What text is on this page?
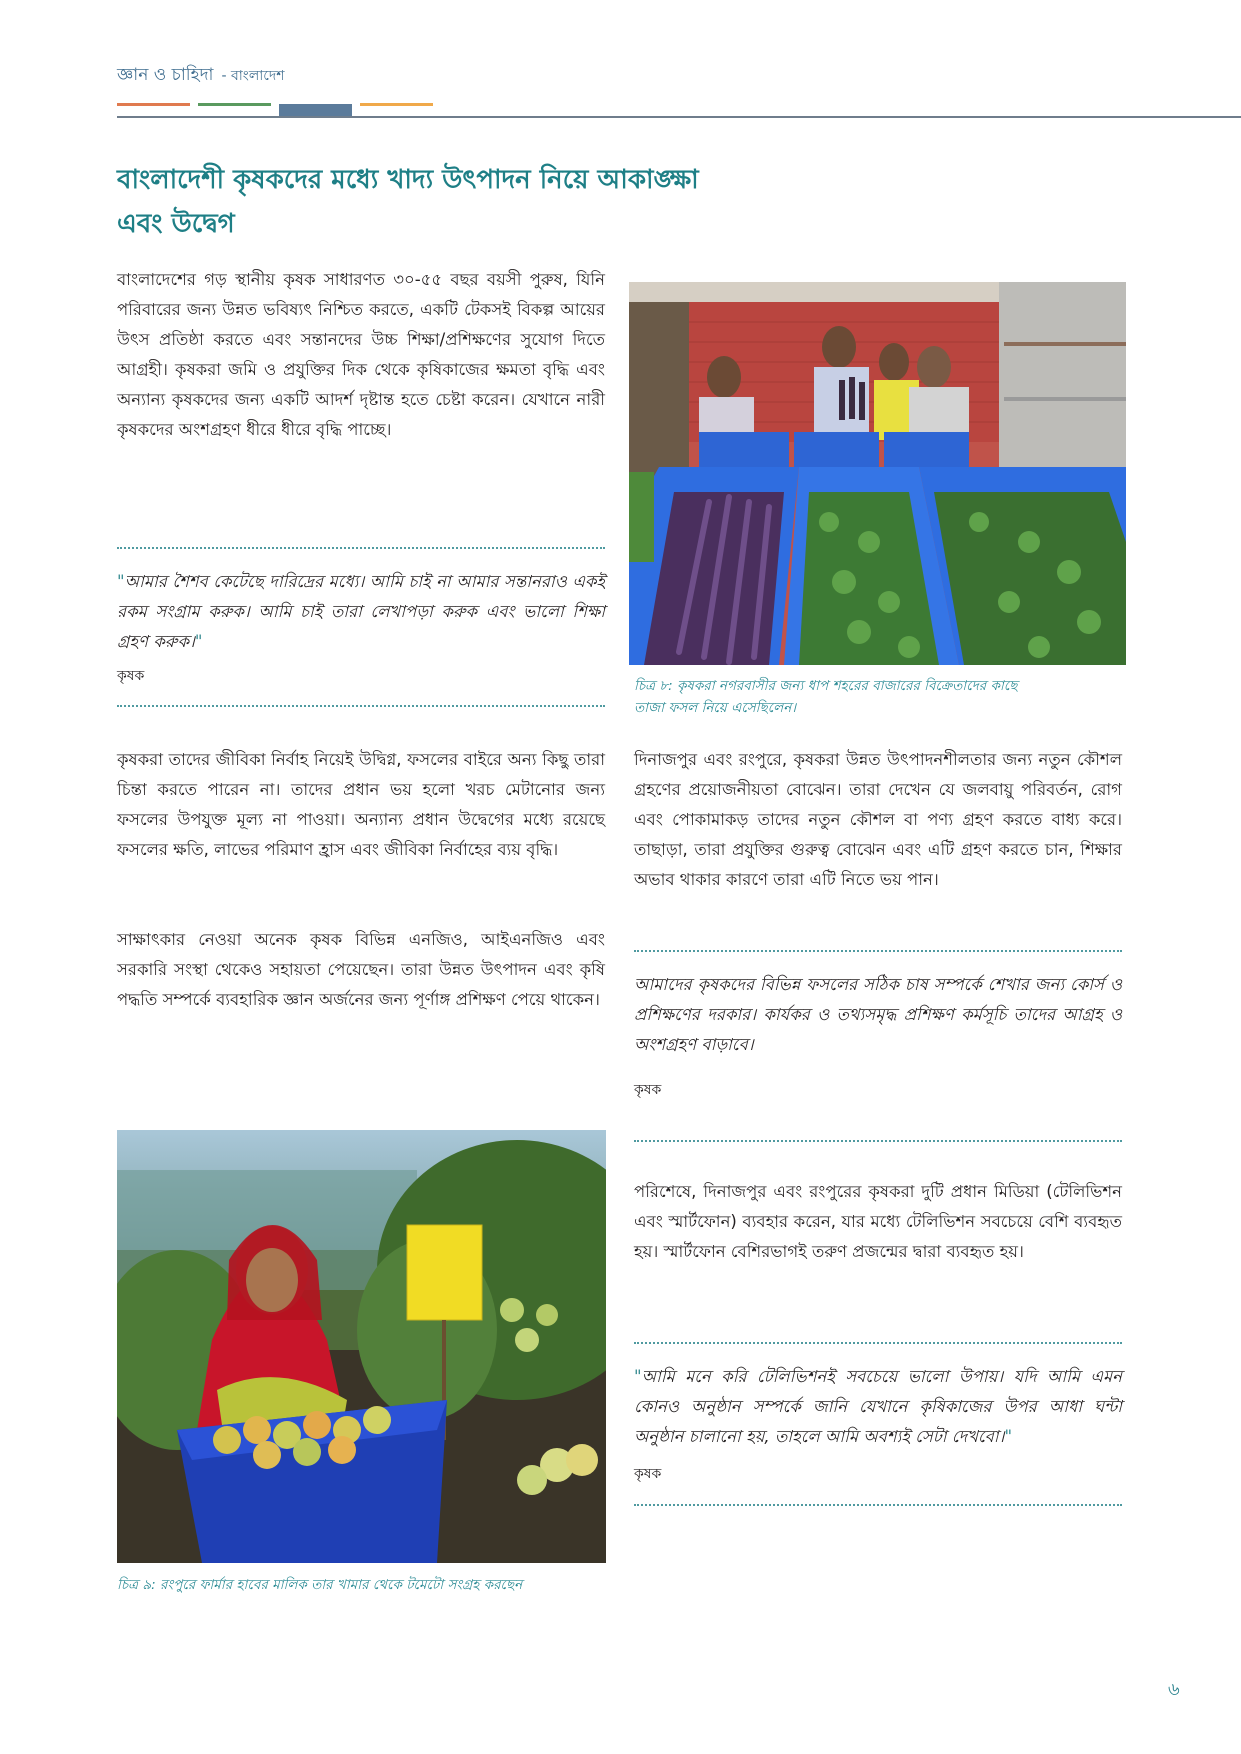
জ্ঞান ও চাহিদা - বাংলাদেশ
বাংলাদেশী কৃষকদের মধ্যে খাদ্য উৎপাদন নিয়ে আকাঙ্ক্ষা
এবং উদ্বেগ

বাংলাদেশের গড় স্থানীয় কৃষক সাধারণত ৩০-৫৫ বছর বয়সী পুরুষ, যিনি পরিবারের জন্য উন্নত ভবিষ্যৎ নিশ্চিত করতে, একটি টেকসই বিকল্প আয়ের উৎস প্রতিষ্ঠা করতে এবং সন্তানদের উচ্চ শিক্ষা/প্রশিক্ষণের সুযোগ দিতে আগ্রহী। কৃষকরা জমি ও প্রযুক্তির দিক থেকে কৃষিকাজের ক্ষমতা বৃদ্ধি এবং অন্যান্য কৃষকদের জন্য একটি আদর্শ দৃষ্টান্ত হতে চেষ্টা করেন। যেখানে নারী কৃষকদের অংশগ্রহণ ধীরে ধীরে বৃদ্ধি পাচ্ছে।

"আমার শৈশব কেটেছে দারিদ্রের মধ্যে। আমি চাই না আমার সন্তানরাও একই রকম সংগ্রাম করুক। আমি চাই তারা লেখাপড়া করুক এবং ভালো শিক্ষা গ্রহণ করুক।"

কৃষক

কৃষকরা তাদের জীবিকা নির্বাহ নিয়েই উদ্বিগ্ন, ফসলের বাইরে অন্য কিছু তারা চিন্তা করতে পারেন না। তাদের প্রধান ভয় হলো খরচ মেটানোর জন্য ফসলের উপযুক্ত মূল্য না পাওয়া। অন্যান্য প্রধান উদ্বেগের মধ্যে রয়েছে ফসলের ক্ষতি, লাভের পরিমাণ হ্রাস এবং জীবিকা নির্বাহের ব্যয় বৃদ্ধি।

সাক্ষাৎকার নেওয়া অনেক কৃষক বিভিন্ন এনজিও, আইএনজিও এবং সরকারি সংস্থা থেকেও সহায়তা পেয়েছেন। তারা উন্নত উৎপাদন এবং কৃষি পদ্ধতি সম্পর্কে ব্যবহারিক জ্ঞান অর্জনের জন্য পূর্ণাঙ্গ প্রশিক্ষণ পেয়ে থাকেন।

চিত্র ৯: রংপুরে ফার্মার হাবের মালিক তার খামার থেকে টমেটো সংগ্রহ করছেন
চিত্র ৮: কৃষকরা নগরবাসীর জন্য ধাপ শহরের বাজারের বিক্রেতাদের কাছে
তাজা ফসল নিয়ে এসেছিলেন।

দিনাজপুর এবং রংপুরে, কৃষকরা উন্নত উৎপাদনশীলতার জন্য নতুন কৌশল গ্রহণের প্রয়োজনীয়তা বোঝেন। তারা দেখেন যে জলবায়ু পরিবর্তন, রোগ এবং পোকামাকড় তাদের নতুন কৌশল বা পণ্য গ্রহণ করতে বাধ্য করে। তাছাড়া, তারা প্রযুক্তির গুরুত্ব বোঝেন এবং এটি গ্রহণ করতে চান, শিক্ষার অভাব থাকার কারণে তারা এটি নিতে ভয় পান।

আমাদের কৃষকদের বিভিন্ন ফসলের সঠিক চাষ সম্পর্কে শেখার জন্য কোর্স ও প্রশিক্ষণের দরকার। কার্যকর ও তথ্যসমৃদ্ধ প্রশিক্ষণ কর্মসূচি তাদের আগ্রহ ও অংশগ্রহণ বাড়াবে।

কৃষক

পরিশেষে, দিনাজপুর এবং রংপুরের কৃষকরা দুটি প্রধান মিডিয়া (টেলিভিশন এবং স্মার্টফোন) ব্যবহার করেন, যার মধ্যে টেলিভিশন সবচেয়ে বেশি ব্যবহৃত হয়। স্মার্টফোন বেশিরভাগই তরুণ প্রজন্মের দ্বারা ব্যবহৃত হয়।

"আমি মনে করি টেলিভিশনই সবচেয়ে ভালো উপায়। যদি আমি এমন কোনও অনুষ্ঠান সম্পর্কে জানি যেখানে কৃষিকাজের উপর আধা ঘন্টা অনুষ্ঠান চালানো হয়, তাহলে আমি অবশ্যই সেটা দেখবো।"

কৃষক
৬
